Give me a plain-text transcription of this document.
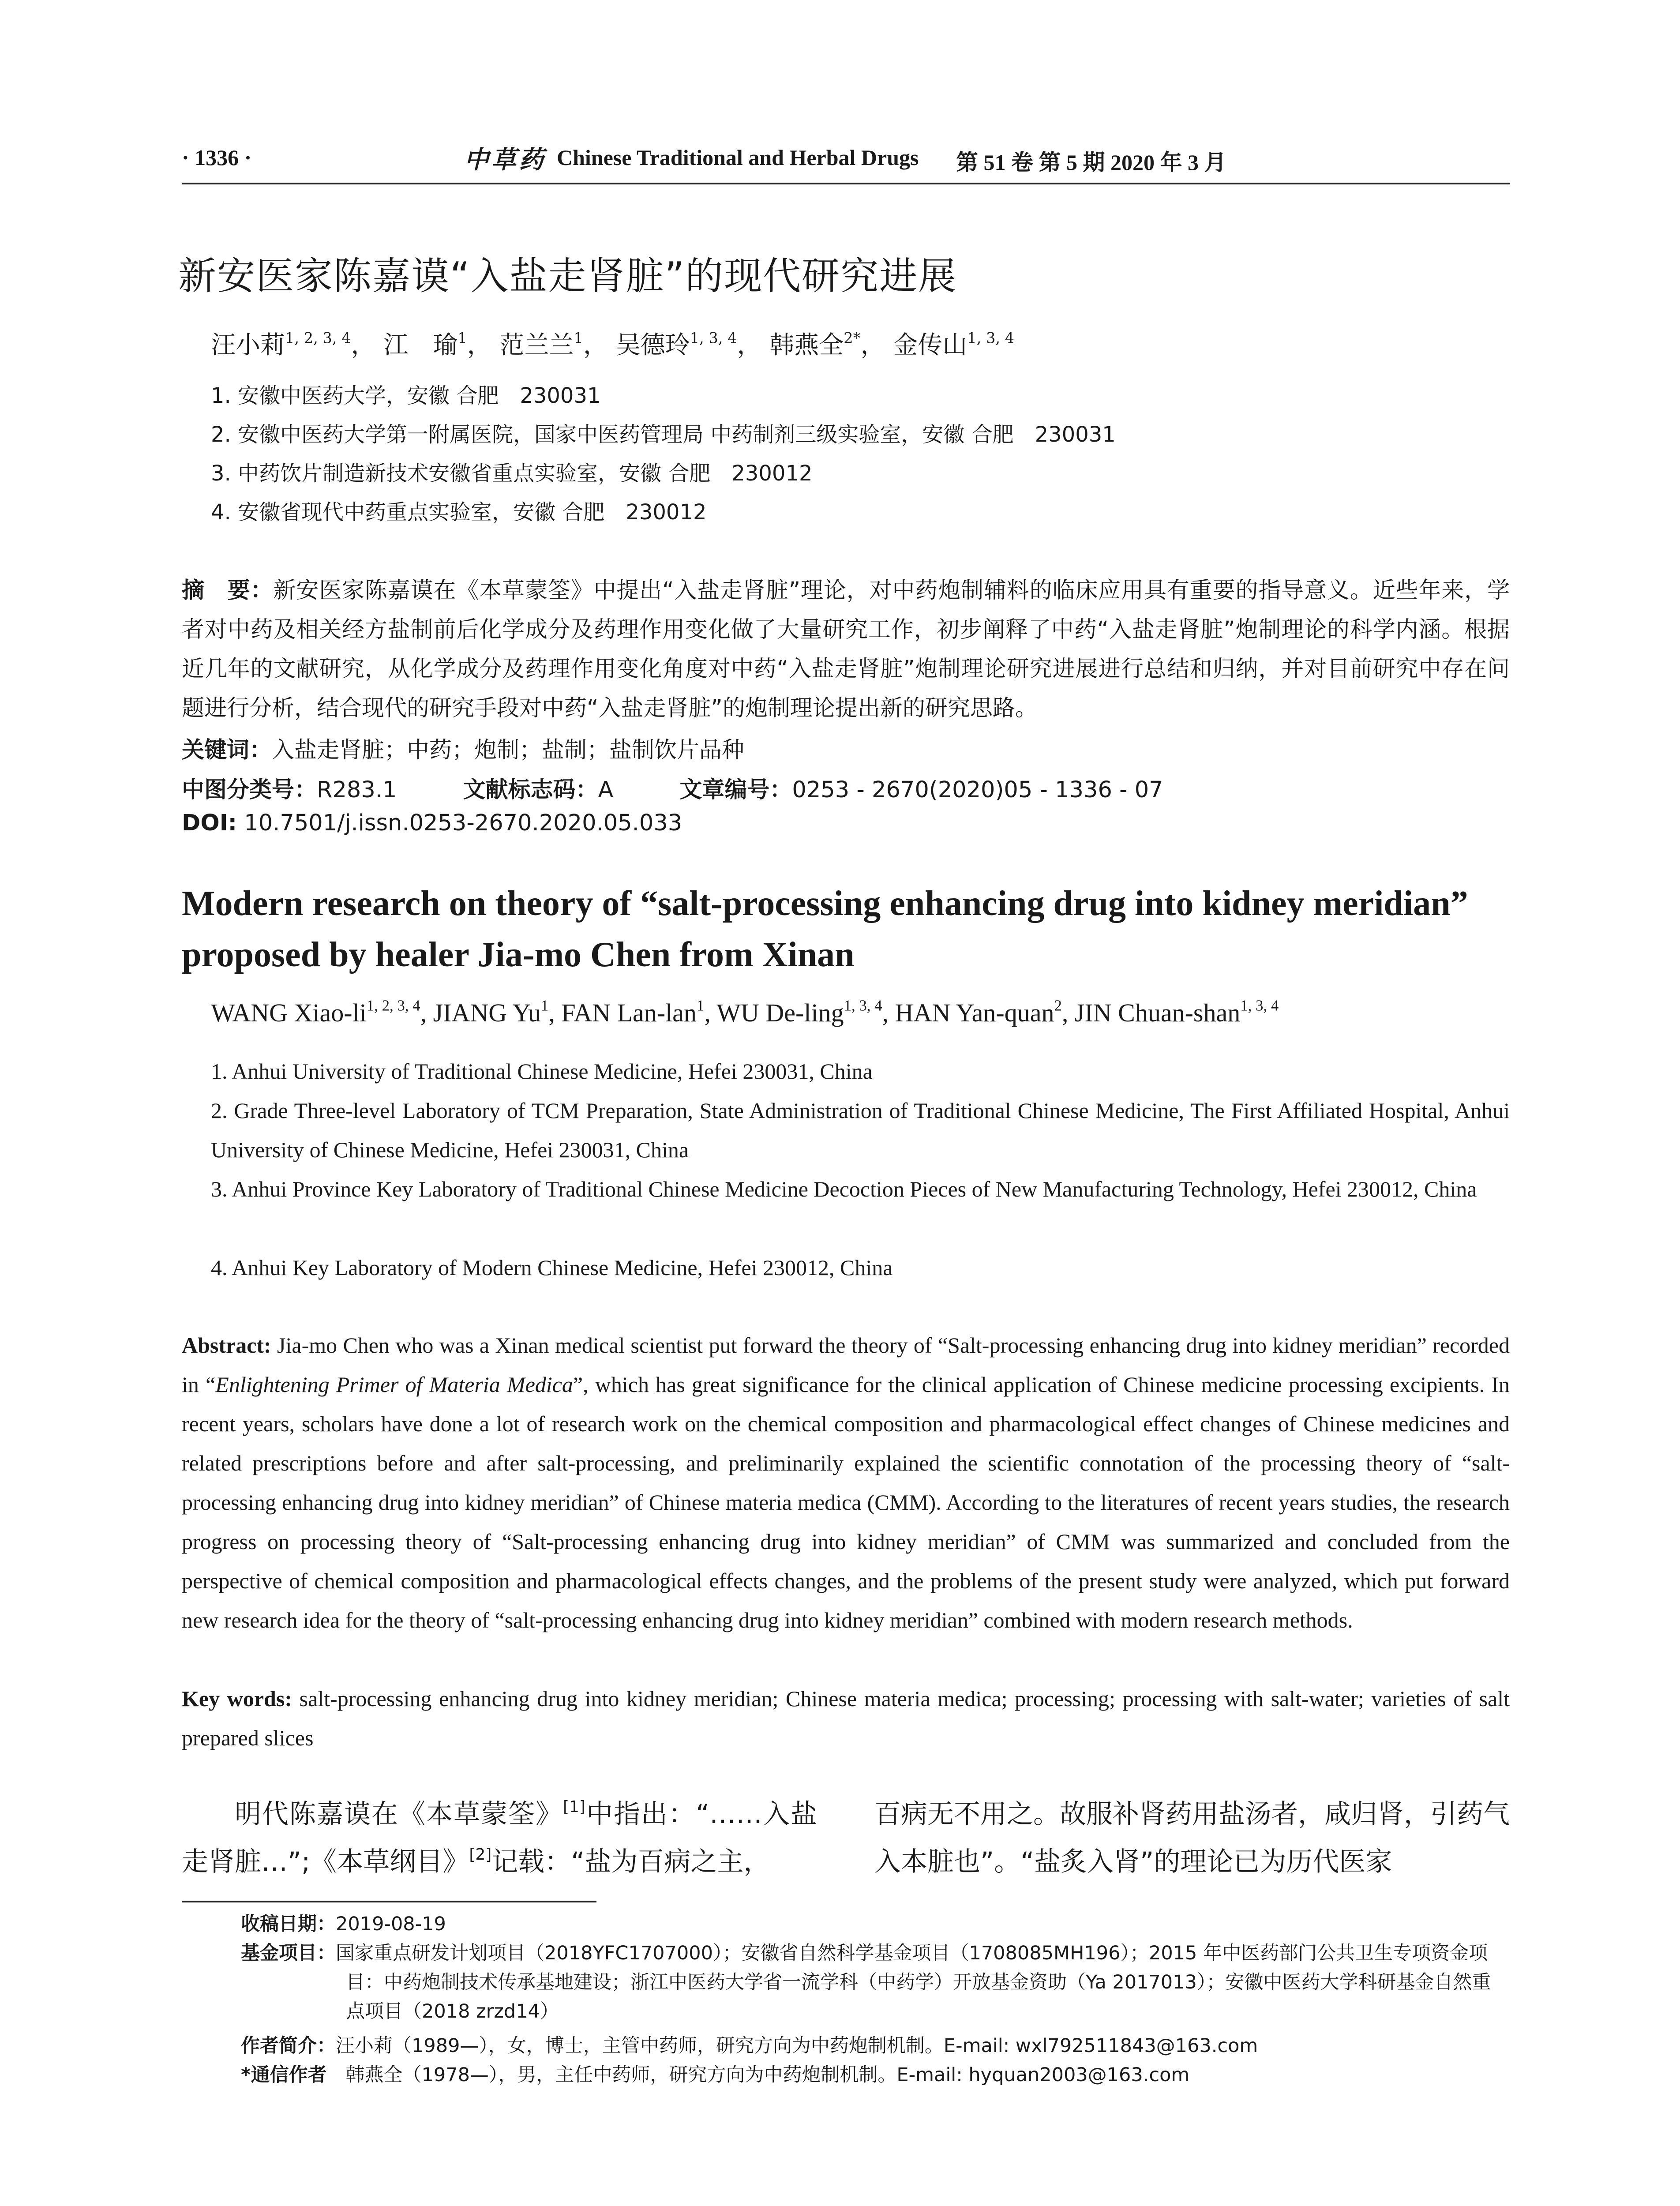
· 1336 ·	中草药 Chinese Traditional and Herbal Drugs 第 51 卷 第 5 期 2020 年 3 月
新安医家陈嘉谟“入盐走肾脏”的现代研究进展
汪小莉$^{1, 2, 3, 4}$， 江　瑜$^1$， 范兰兰$^1$， 吴德玲$^{1, 3, 4}$， 韩燕全$^{2*}$， 金传山$^{1, 3, 4}$
1. 安徽中医药大学，安徽 合肥　230031
2. 安徽中医药大学第一附属医院，国家中医药管理局 中药制剂三级实验室，安徽 合肥　230031
3. 中药饮片制造新技术安徽省重点实验室，安徽 合肥　230012
4. 安徽省现代中药重点实验室，安徽 合肥　230012

摘　要：新安医家陈嘉谟在《本草蒙筌》中提出“入盐走肾脏”理论，对中药炮制辅料的临床应用具有重要的指导意义。近些年来，学者对中药及相关经方盐制前后化学成分及药理作用变化做了大量研究工作，初步阐释了中药“入盐走肾脏”炮制理论的科学内涵。根据近几年的文献研究，从化学成分及药理作用变化角度对中药“入盐走肾脏”炮制理论研究进展进行总结和归纳，并对目前研究中存在问题进行分析，结合现代的研究手段对中药“入盐走肾脏”的炮制理论提出新的研究思路。

关键词：入盐走肾脏；中药；炮制；盐制；盐制饮片品种
中图分类号：R283.1	文献标志码：A	文章编号：0253 - 2670(2020)05 - 1336 - 07
DOI: 10.7501/j.issn.0253-2670.2020.05.033

Modern research on theory of “salt-processing enhancing drug into kidney meridian” proposed by healer Jia-mo Chen from Xinan

WANG Xiao-li$^{1, 2, 3, 4}$, JIANG Yu$^1$, FAN Lan-lan$^1$, WU De-ling$^{1, 3, 4}$, HAN Yan-quan$^2$, JIN Chuan-shan$^{1, 3, 4}$

1. Anhui University of Traditional Chinese Medicine, Hefei 230031, China

2. Grade Three-level Laboratory of TCM Preparation, State Administration of Traditional Chinese Medicine, The First Affiliated Hospital, Anhui University of Chinese Medicine, Hefei 230031, China

3. Anhui Province Key Laboratory of Traditional Chinese Medicine Decoction Pieces of New Manufacturing Technology, Hefei 230012, China

4. Anhui Key Laboratory of Modern Chinese Medicine, Hefei 230012, China

Abstract: Jia-mo Chen who was a Xinan medical scientist put forward the theory of “Salt-processing enhancing drug into kidney meridian” recorded in “Enlightening Primer of Materia Medica”, which has great significance for the clinical application of Chinese medicine processing excipients. In recent years, scholars have done a lot of research work on the chemical composition and pharmacological effect changes of Chinese medicines and related prescriptions before and after salt-processing, and preliminarily explained the scientific connotation of the processing theory of “salt-processing enhancing drug into kidney meridian” of Chinese materia medica (CMM). According to the literatures of recent years studies, the research progress on processing theory of “Salt-processing enhancing drug into kidney meridian” of CMM was summarized and concluded from the perspective of chemical composition and pharmacological effects changes, and the problems of the present study were analyzed, which put forward new research idea for the theory of “salt-processing enhancing drug into kidney meridian” combined with modern research methods.

Key words: salt-processing enhancing drug into kidney meridian; Chinese materia medica; processing; processing with salt-water; varieties of salt prepared slices

明代陈嘉谟在《本草蒙筌》[1]中指出：“……入盐走肾脏…”;《本草纲目》[2]记载：“盐为百病之主，

百病无不用之。故服补肾药用盐汤者，咸归肾，引药气入本脏也”。“盐炙入肾”的理论已为历代医家

收稿日期：2019-08-19
基金项目：国家重点研发计划项目（2018YFC1707000）；安徽省自然科学基金项目（1708085MH196）；2015 年中医药部门公共卫生专项资金项目：中药炮制技术传承基地建设；浙江中医药大学省一流学科（中药学）开放基金资助（Ya 2017013）；安徽中医药大学科研基金自然重点项目（2018 zrzd14）
作者简介：汪小莉（1989—），女，博士，主管中药师，研究方向为中药炮制机制。E-mail: wxl792511843@163.com
*通信作者　 韩燕全（1978—），男，主任中药师，研究方向为中药炮制机制。E-mail: hyquan2003@163.com
